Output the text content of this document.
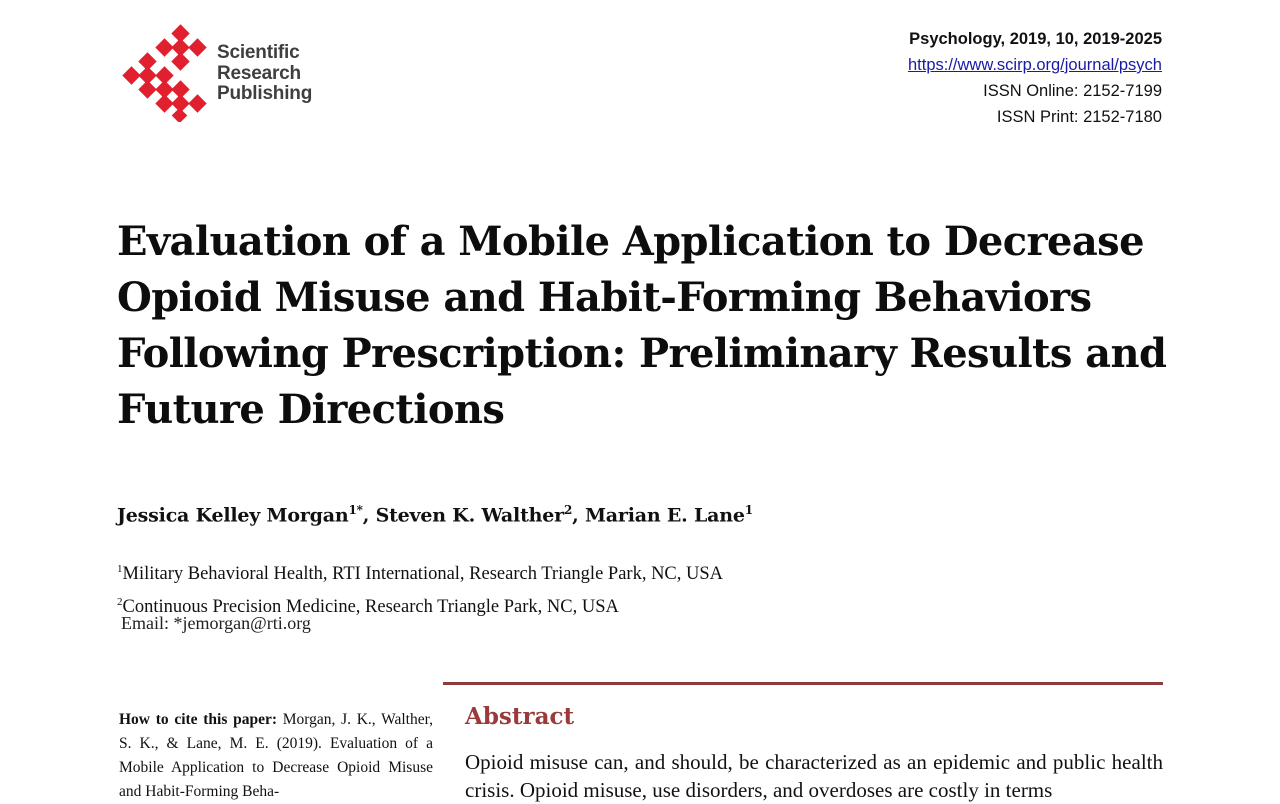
Scientific
Research
Publishing
Psychology, 2019, 10, 2019-2025
https://www.scirp.org/journal/psych
ISSN Online: 2152-7199
ISSN Print: 2152-7180
Evaluation of a Mobile Application to Decrease Opioid Misuse and Habit-Forming Behaviors Following Prescription: Preliminary Results and Future Directions

Jessica Kelley Morgan$^{1*}$, Steven K. Walther$^2$, Marian E. Lane$^1$

$^1$Military Behavioral Health, RTI International, Research Triangle Park, NC, USA
$^2$Continuous Precision Medicine, Research Triangle Park, NC, USA
Email: *jemorgan@rti.org
How to cite this paper: Morgan, J. K., Walther, S. K., & Lane, M. E. (2019). Evaluation of a Mobile Application to Decrease Opioid Misuse and Habit-Forming Beha-
Abstract
Opioid misuse can, and should, be characterized as an epidemic and public health crisis. Opioid misuse, use disorders, and overdoses are costly in terms
